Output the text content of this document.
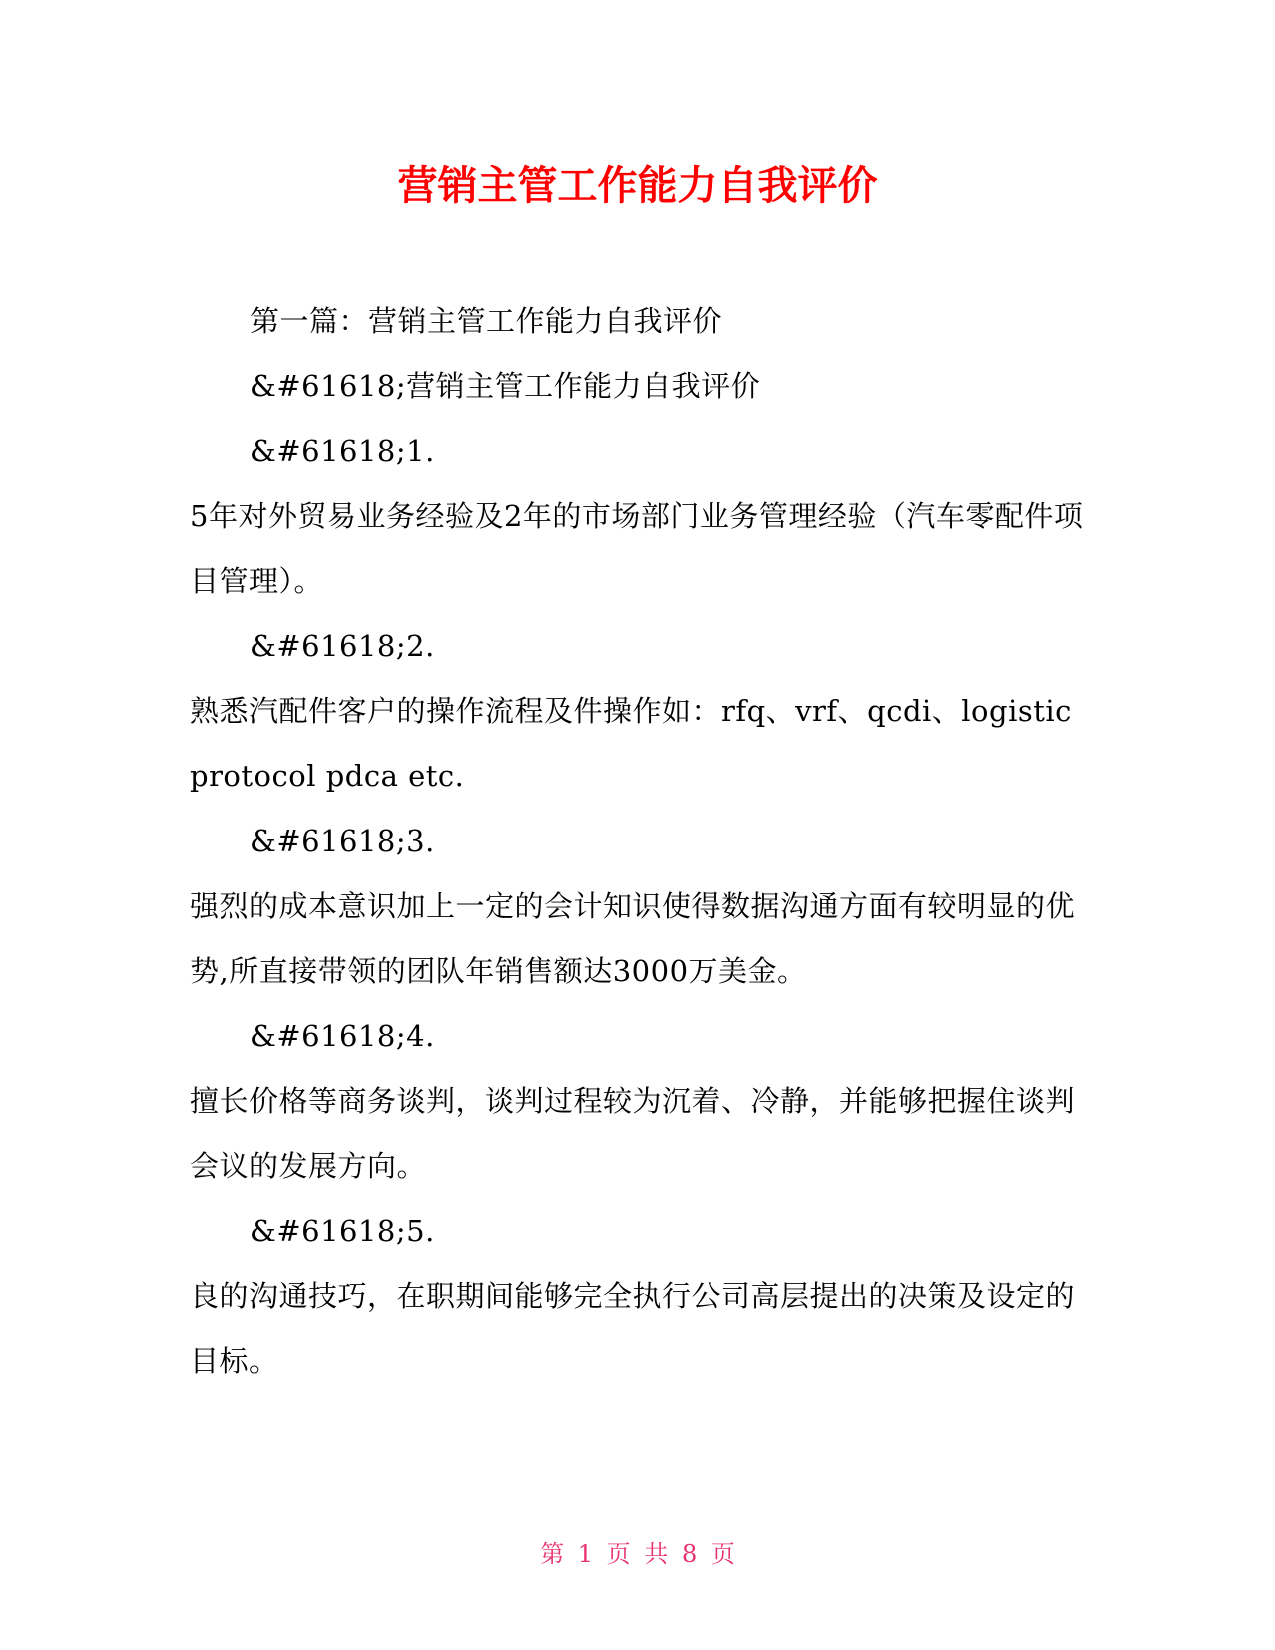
营销主管工作能力自我评价

第一篇：营销主管工作能力自我评价

&#61618;营销主管工作能力自我评价

&#61618;1.

5年对外贸易业务经验及2年的市场部门业务管理经验（汽车零配件项目管理）。

&#61618;2.

熟悉汽配件客户的操作流程及件操作如：rfq、vrf、qcdi、logistic protocol pdca etc.

&#61618;3.

强烈的成本意识加上一定的会计知识使得数据沟通方面有较明显的优势,所直接带领的团队年销售额达3000万美金。

&#61618;4.

擅长价格等商务谈判，谈判过程较为沉着、冷静，并能够把握住谈判会议的发展方向。

&#61618;5.

良的沟通技巧，在职期间能够完全执行公司高层提出的决策及设定的目标。

第 1 页 共 8 页
